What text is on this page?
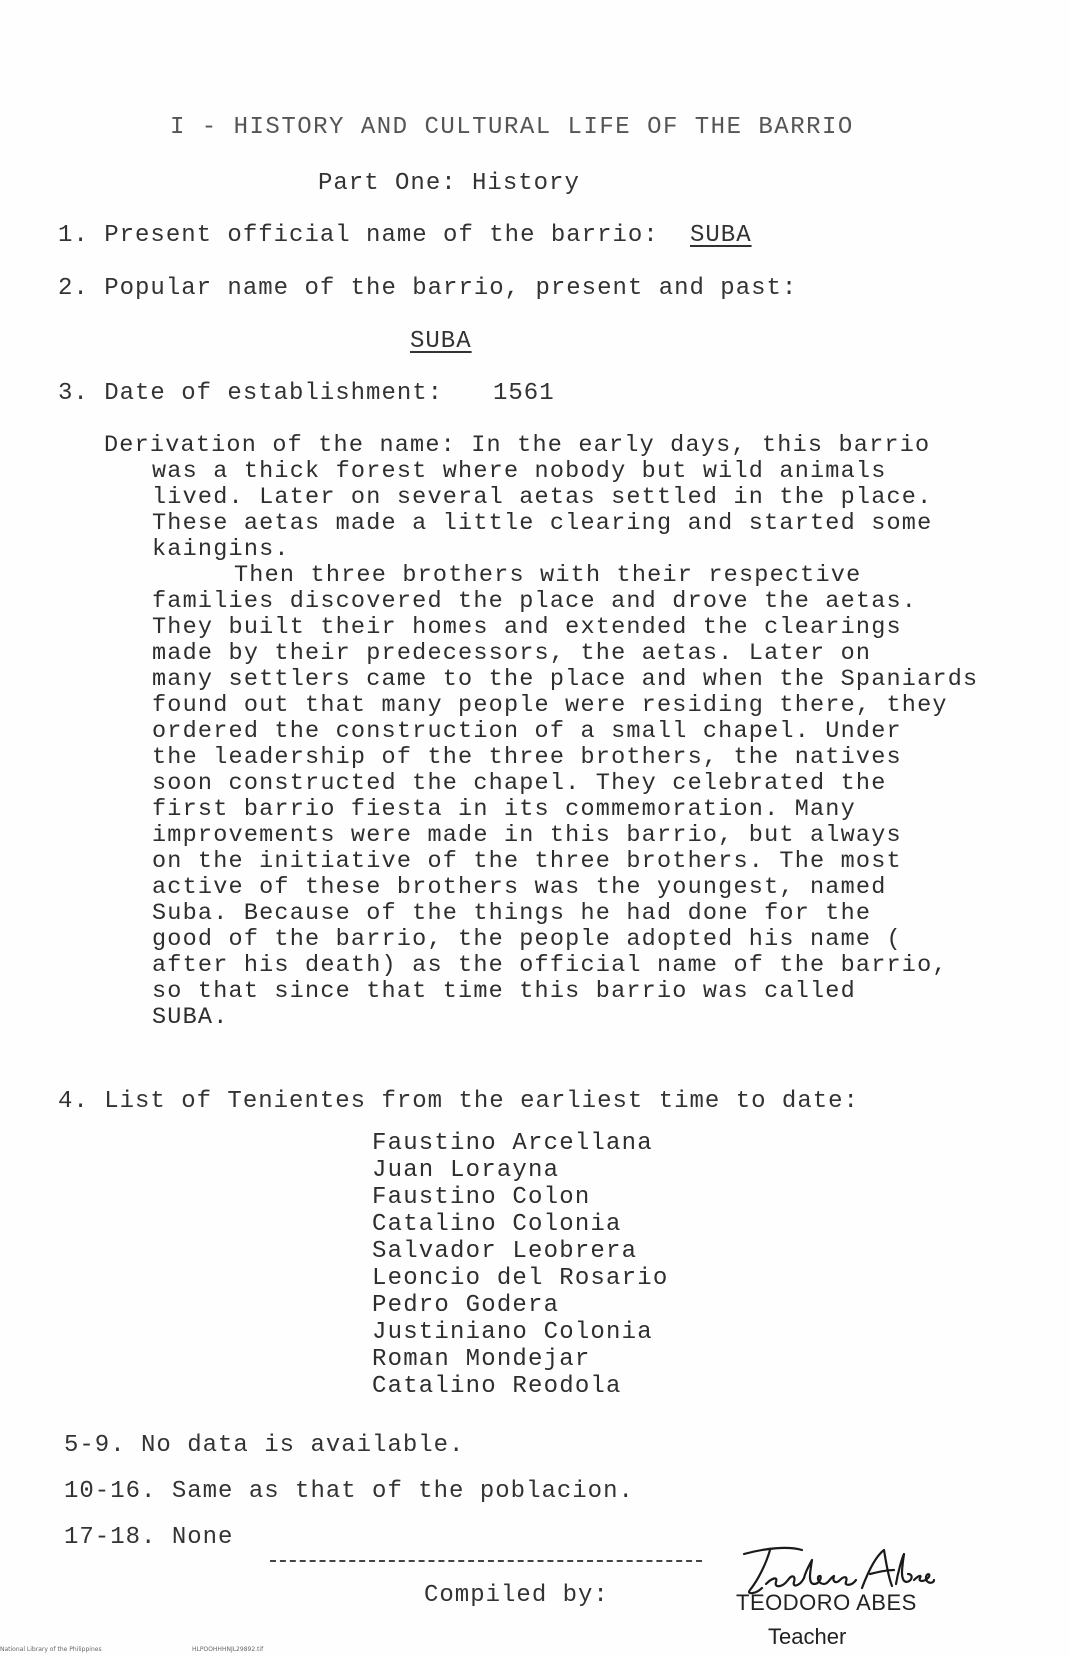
I - HISTORY AND CULTURAL LIFE OF THE BARRIO
Part One: History
1. Present official name of the barrio: SUBA
2. Popular name of the barrio, present and past:
SUBA
3. Date of establishment: 1561
Derivation of the name: In the early days, this barrio
was a thick forest where nobody but wild animals
lived. Later on several aetas settled in the place.
These aetas made a little clearing and started some
kaingins.
Then three brothers with their respective
families discovered the place and drove the aetas.
They built their homes and extended the clearings
made by their predecessors, the aetas. Later on
many settlers came to the place and when the Spaniards
found out that many people were residing there, they
ordered the construction of a small chapel. Under
the leadership of the three brothers, the natives
soon constructed the chapel. They celebrated the
first barrio fiesta in its commemoration. Many
improvements were made in this barrio, but always
on the initiative of the three brothers. The most
active of these brothers was the youngest, named
Suba. Because of the things he had done for the
good of the barrio, the people adopted his name (
after his death) as the official name of the barrio,
so that since that time this barrio was called
SUBA.
4. List of Tenientes from the earliest time to date:
Faustino Arcellana
Juan Lorayna
Faustino Colon
Catalino Colonia
Salvador Leobrera
Leoncio del Rosario
Pedro Godera
Justiniano Colonia
Roman Mondejar
Catalino Reodola
5-9. No data is available.
10-16. Same as that of the poblacion.
17-18. None
Compiled by:	TEODORO ABES
Teacher
National Library of the Philippines	HLPOOHHHNJL29892.tif
